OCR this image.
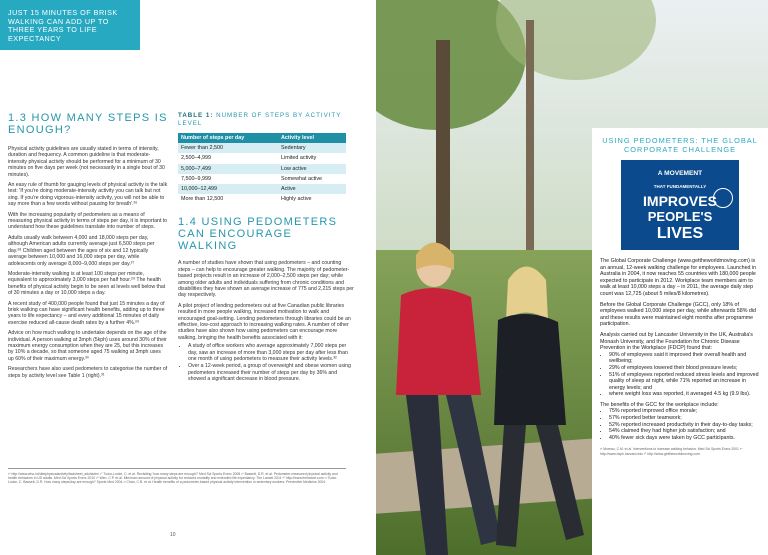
JUST 15 MINUTES OF BRISK WALKING CAN ADD UP TO THREE YEARS TO LIFE EXPECTANCY
1.3 HOW MANY STEPS IS ENOUGH?

Physical activity guidelines are usually stated in terms of intensity, duration and frequency. A common guideline is that moderate-intensity physical activity should be performed for a minimum of 30 minutes on five days per week (not necessarily in a single bout of 30 minutes).

An easy rule of thumb for gauging levels of physical activity is the talk test: 'If you're doing moderate-intensity activity you can talk but not sing. If you're doing vigorous-intensity activity, you will not be able to say more than a few words without pausing for breath'.²⁶

With the increasing popularity of pedometers as a means of measuring physical activity in terms of steps per day, it is important to understand how these guidelines translate into number of steps.

Adults usually walk between 4,000 and 18,000 steps per day, although American adults currently average just 6,500 steps per day.²⁸ Children aged between the ages of six and 12 typically average between 10,000 and 16,000 steps per day, while adolescents only average 8,000–9,000 steps per day.²⁷

Moderate-intensity walking is at least 100 steps per minute, equivalent to approximately 3,000 steps per half hour.²⁹ The health benefits of physical activity begin to be seen at levels well below that of 30 minutes a day or 10,000 steps a day.

A recent study of 400,000 people found that just 15 minutes a day of brisk walking can have significant health benefits, adding up to three years to life expectancy – and every additional 15 minutes of daily exercise reduced all-cause death rates by a further 4%.²⁹

Advice on how much walking to undertake depends on the age of the individual. A person walking at 3mph (5kph) uses around 30% of their maximum energy consumption when they are 25, but this increases by 10% a decade, so that someone aged 75 walking at 3mph uses up 60% of their maximum energy.³⁰

Researchers have also used pedometers to categorise the number of steps by activity level see Table 1 (right).³¹

TABLE 1: NUMBER OF STEPS BY ACTIVITY LEVEL
Number of steps per day	Activity level
Fewer than 2,500	Sedentary
2,500–4,999	Limited activity
5,000–7,499	Low active
7,500–9,999	Somewhat active
10,000–12,499	Active
More than 12,500	Highly active
1.4 USING PEDOMETERS CAN ENCOURAGE WALKING

A number of studies have shown that using pedometers – and counting steps – can help to encourage greater walking. The majority of pedometer-based projects result in an increase of 2,000–2,500 steps per day; while among older adults and individuals suffering from chronic conditions and disabilities they have shown an average increase of 775 and 2,215 steps per day respectively.

A pilot project of lending pedometers out at five Canadian public libraries resulted in more people walking, increased motivation to walk and encouraged goal-setting. Lending pedometers through libraries could be an effective, low-cost approach to increasing walking rates. A number of other studies have also shown how using pedometers can encourage more walking, bringing the health benefits associated with it:

• A study of office workers who average approximately 7,000 steps per day, saw an increase of more than 3,000 steps per day after less than one month of using pedometers to measure their activity levels.³²
• Over a 12-week period, a group of overweight and obese women using pedometers increased their number of steps per day by 36% and showed a significant decrease in blood pressure.
²⁶ http://www.who.int/dietphysicalactivity/factsheet_adults/en/ ²⁷ Tudor-Locke, C. et al. Revisiting 'how many steps are enough?' Med Sci Sports Exerc 2008 ²⁸ Bassett, D.R. et al. Pedometer-measured physical activity and health behaviors in US adults. Med Sci Sports Exerc 2010 ²⁹ Wen, C.P. et al. Minimum amount of physical activity for reduced mortality and extended life expectancy. The Lancet 2011 ³⁰ http://www.thelancet.com ³¹ Tudor-Locke, C. Bassett, D.R. How many steps/day are enough? Sports Med 2004 ³² Chan, C.B. et al. Health benefits of a pedometer-based physical activity intervention in sedentary workers. Preventive Medicine 2004
10
USING PEDOMETERS: THE GLOBAL CORPORATE CHALLENGE
A MOVEMENT
THAT FUNDAMENTALLY
IMPROVES
PEOPLE'S
LIVES

The Global Corporate Challenge (www.gettheworldmoving.com) is an annual, 12-week walking challenge for employees. Launched in Australia in 2004, it now reaches 55 countries with 180,000 people expected to participate in 2012. Workplace team members aim to walk at least 10,000 steps a day – in 2011, the average daily step count was 12,725 (about 5 miles/8 kilometres).

Before the Global Corporate Challenge (GCC), only 18% of employees walked 10,000 steps per day, while afterwards 58% did and these results were maintained eight months after programme participation.

Analysis carried out by Lancaster University in the UK, Australia's Monash University, and the Foundation for Chronic Disease Prevention in the Workplace (FDCP) found that:

• 90% of employees said it improved their overall health and wellbeing;
• 29% of employees lowered their blood pressure levels;
• 51% of employees reported reduced stress levels and improved quality of sleep at night, while 71% reported an increase in energy levels; and
• where weight loss was reported, it averaged 4.5 kg (9.9 lbs).

The benefits of the GCC for the workplace include:

• 75% reported improved office morale;
• 57% reported better teamwork;
• 52% reported increased productivity in their day-to-day tasks;
• 54% claimed they had higher job satisfaction; and
• 40% fewer sick days were taken by GCC participants.
³³ Moreau, C.M. et al. Interventions to increase walking behavior. Med Sci Sports Exerc 2001 ³⁴ http://www.hsph.harvard.edu ³⁵ http://www.gettheworldmoving.com
